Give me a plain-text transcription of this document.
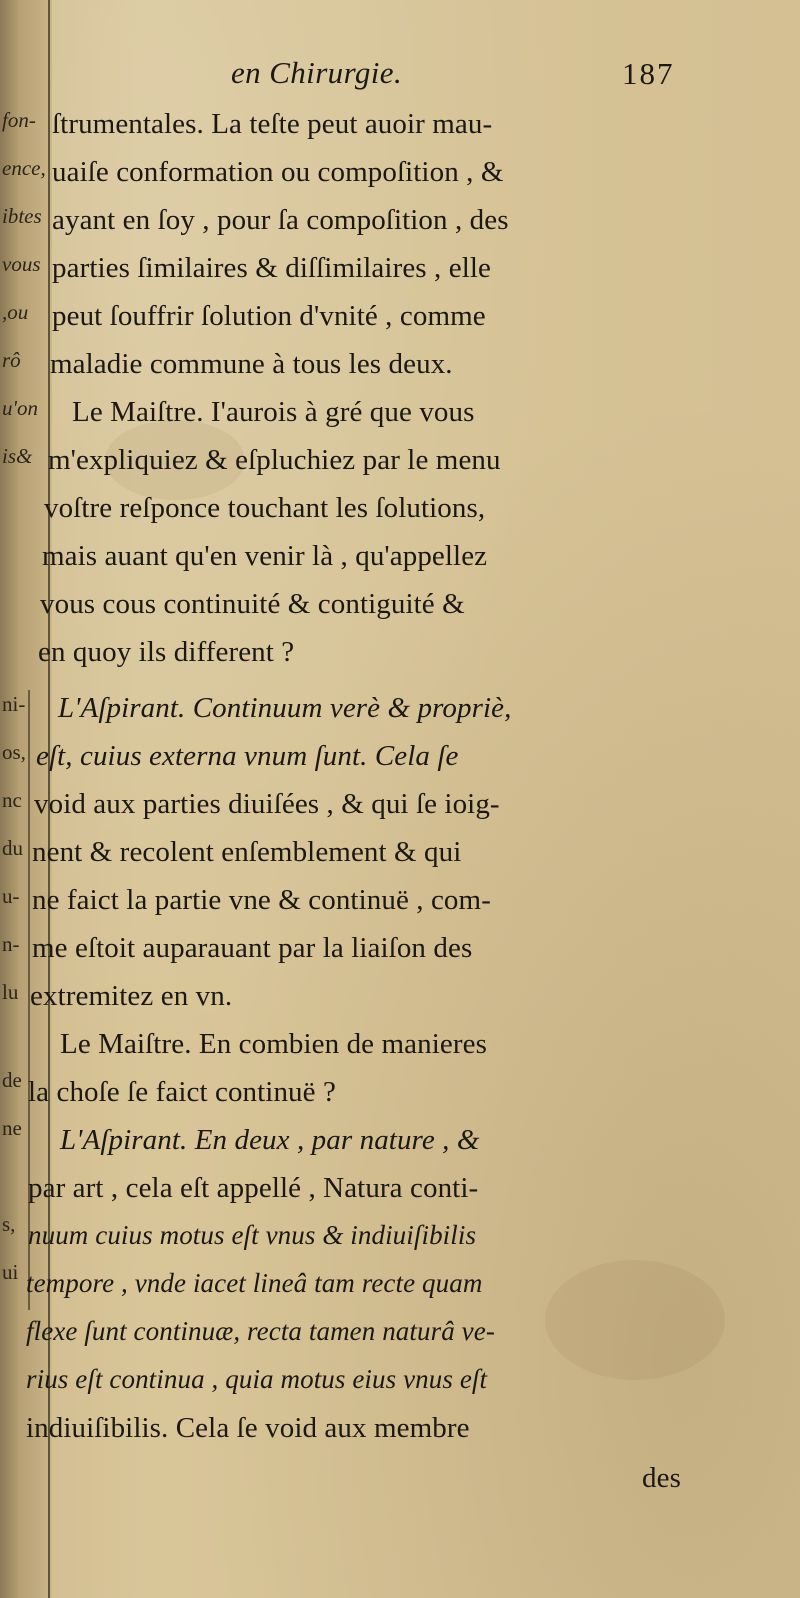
fon-
ence,
ibtes
vous
,ou
rô
u'on
is&
ni-
os,
nc
du
u-
n-
lu
de
ne
s,
ui
en Chirurgie.	187
ſtrumentales. La teſte peut auoir mau-
uaiſe conformation ou compoſition , &
ayant en ſoy , pour ſa compoſition , des
parties ſimilaires & diſſimilaires , elle
peut ſouffrir ſolution d'vnité , comme
maladie commune à tous les deux.
Le Maiſtre. I'aurois à gré que vous
m'expliquiez & eſpluchiez par le menu
voſtre reſponce touchant les ſolutions,
mais auant qu'en venir là , qu'appellez
vous cous continuité & contiguité &
en quoy ils different ?
L'Aſpirant. Continuum verè & propriè,
eſt, cuius externa vnum ſunt. Cela ſe
void aux parties diuiſées , & qui ſe ioig-
nent & recolent enſemblement & qui
ne faict la partie vne & continuë , com-
me eſtoit auparauant par la liaiſon des
extremitez en vn.
Le Maiſtre. En combien de manieres
la choſe ſe faict continuë ?
L'Aſpirant. En deux , par nature , &
par art , cela eſt appellé , Natura conti-
nuum cuius motus eſt vnus & indiuiſibilis
tempore , vnde iacet lineâ tam recte quam
flexe ſunt continuæ, recta tamen naturâ ve-
rius eſt continua , quia motus eius vnus eſt
indiuiſibilis. Cela ſe void aux membre
des
